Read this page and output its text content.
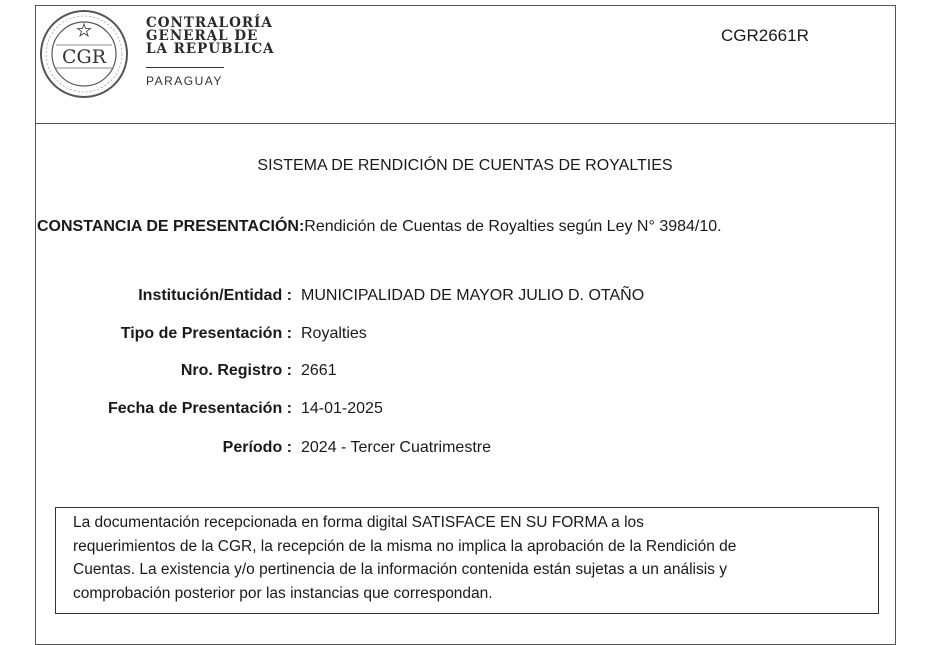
CGR
CONTRALORÍA
GENERAL DE
LA REPÚBLICA
PARAGUAY
CGR2661R
SISTEMA DE RENDICIÓN DE CUENTAS DE ROYALTIES
CONSTANCIA DE PRESENTACIÓN:Rendición de Cuentas de Royalties según Ley N° 3984/10.
Institución/Entidad : MUNICIPALIDAD DE MAYOR JULIO D. OTAÑO
Tipo de Presentación : Royalties
Nro. Registro : 2661
Fecha de Presentación : 14-01-2025
Período : 2024 - Tercer Cuatrimestre
La documentación recepcionada en forma digital SATISFACE EN SU FORMA a los
requerimientos de la CGR, la recepción de la misma no implica la aprobación de la Rendición de
Cuentas. La existencia y/o pertinencia de la información contenida están sujetas a un análisis y
comprobación posterior por las instancias que correspondan.
